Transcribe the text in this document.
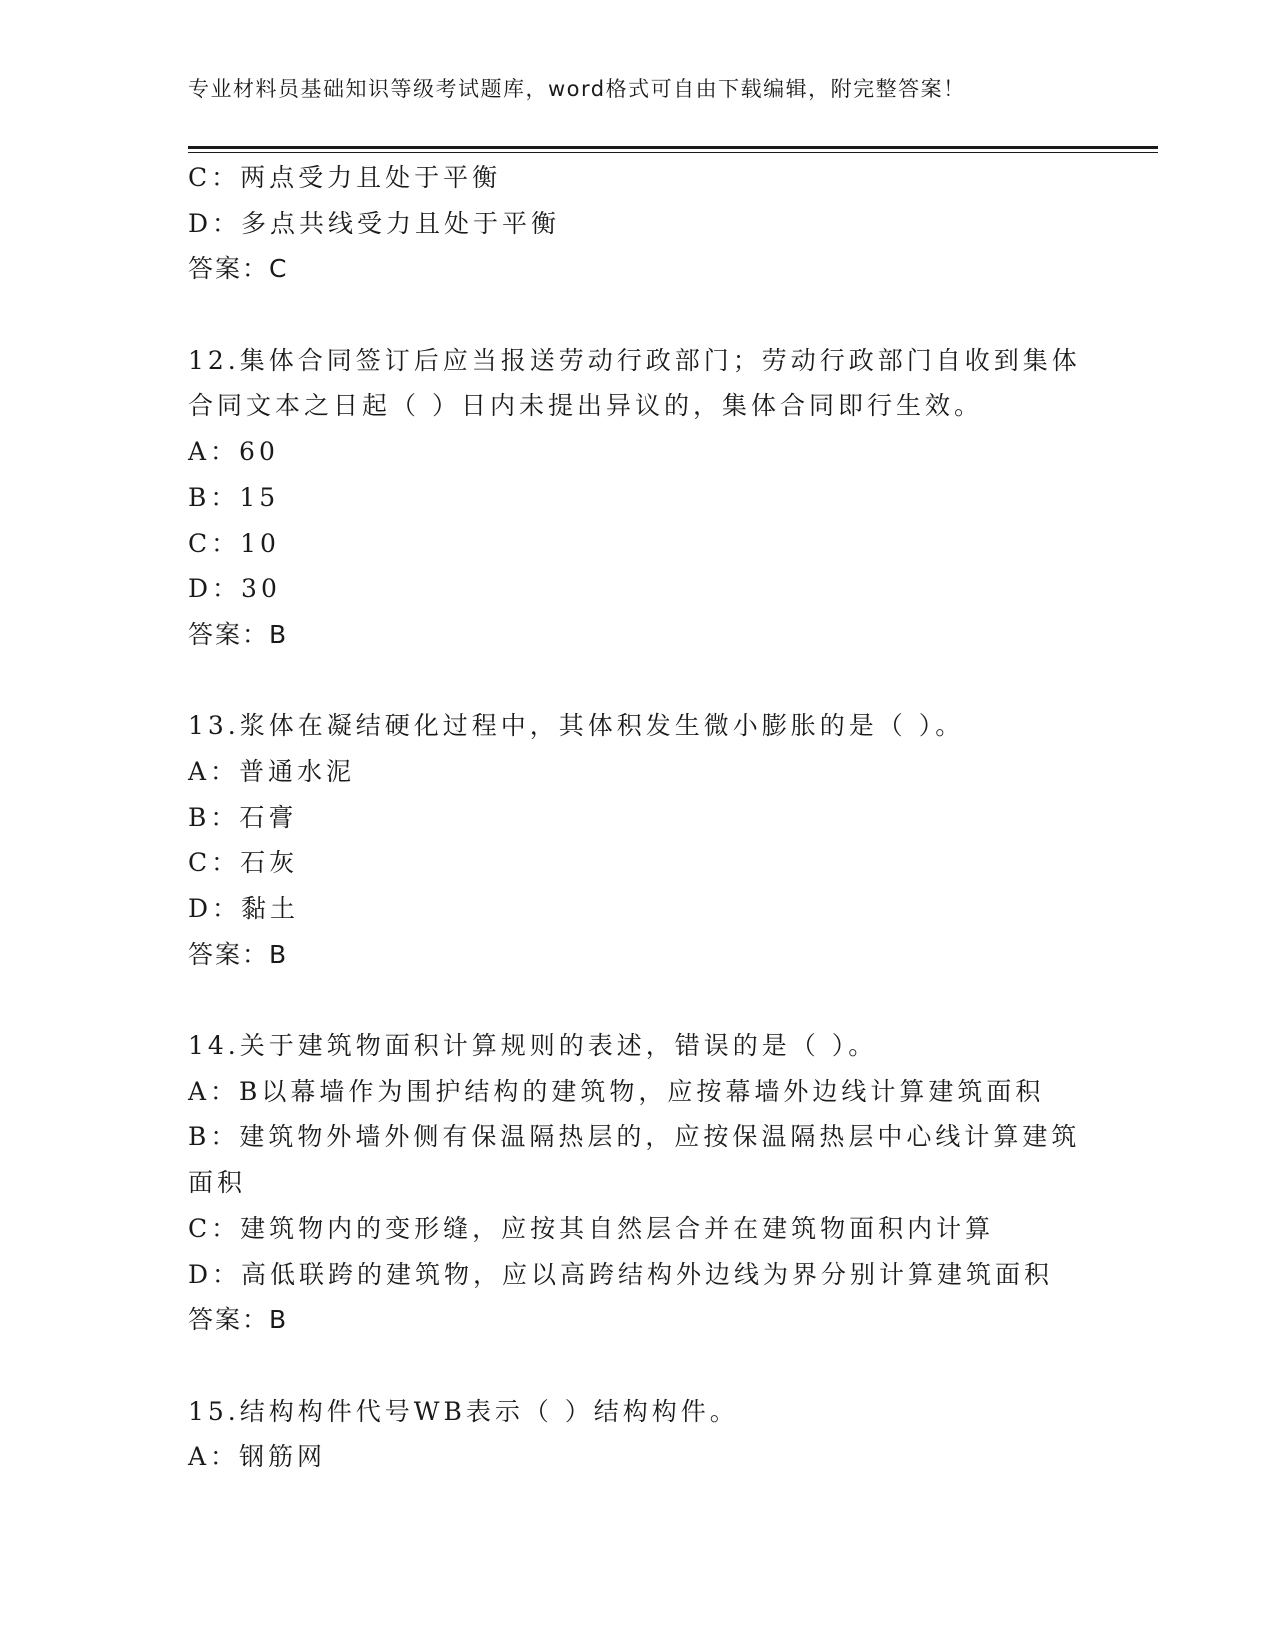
专业材料员基础知识等级考试题库，word格式可自由下载编辑，附完整答案！
C：两点受力且处于平衡
D：多点共线受力且处于平衡
答案：C
12.集体合同签订后应当报送劳动行政部门；劳动行政部门自收到集体
合同文本之日起（ ）日内未提出异议的，集体合同即行生效。
A：60
B：15
C：10
D：30
答案：B
13.浆体在凝结硬化过程中，其体积发生微小膨胀的是（ ）。
A：普通水泥
B：石膏
C：石灰
D：黏土
答案：B
14.关于建筑物面积计算规则的表述，错误的是（ ）。
A：B以幕墙作为围护结构的建筑物，应按幕墙外边线计算建筑面积
B：建筑物外墙外侧有保温隔热层的，应按保温隔热层中心线计算建筑
面积
C：建筑物内的变形缝，应按其自然层合并在建筑物面积内计算
D：高低联跨的建筑物，应以高跨结构外边线为界分别计算建筑面积
答案：B
15.结构构件代号WB表示（ ）结构构件。
A：钢筋网
